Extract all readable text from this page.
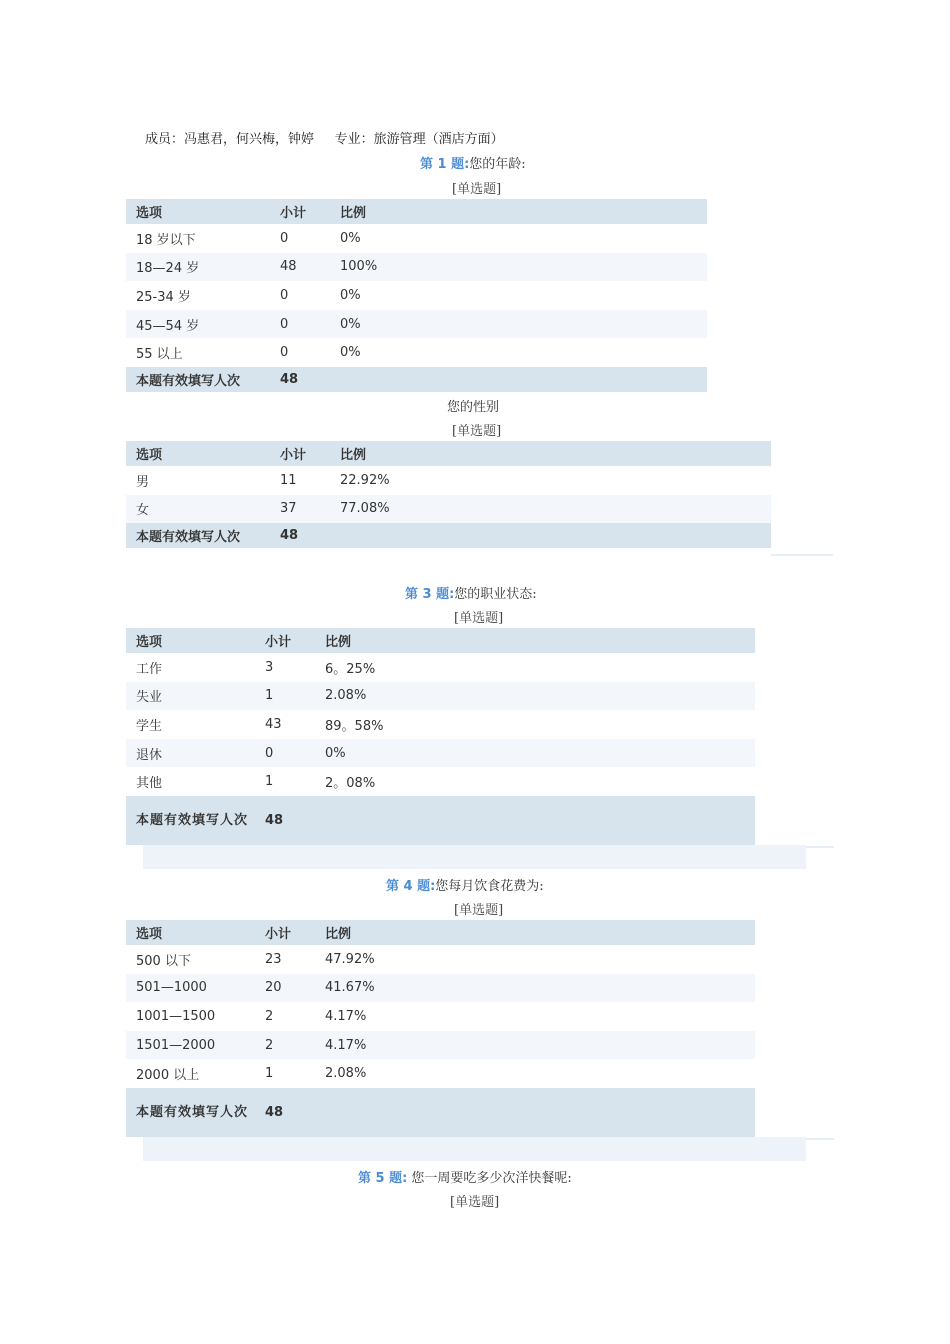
成员：冯惠君，何兴梅，钟婷     专业：旅游管理（酒店方面）
第 1 题:您的年龄:
[单选题]
选项	小计	比例
18 岁以下	0	0%
18—24 岁	48	100%
25-34 岁	0	0%
45—54 岁	0	0%
55 以上	0	0%
本题有效填写人次	48	
您的性别
[单选题]
选项	小计	比例
男	11	22.92%
女	37	77.08%
本题有效填写人次	48	
第 3 题:您的职业状态:
[单选题]
选项	小计	比例
工作	3	6。25%
失业	1	2.08%
学生	43	89。58%
退休	0	0%
其他	1	2。08%
本题有效填写人次	48	
第 4 题:您每月饮食花费为:
[单选题]
选项	小计	比例
500 以下	23	47.92%
501—1000	20	41.67%
1001—1500	2	4.17%
1501—2000	2	4.17%
2000 以上	1	2.08%
本题有效填写人次	48	
第 5 题: 您一周要吃多少次洋快餐呢:
[单选题]
